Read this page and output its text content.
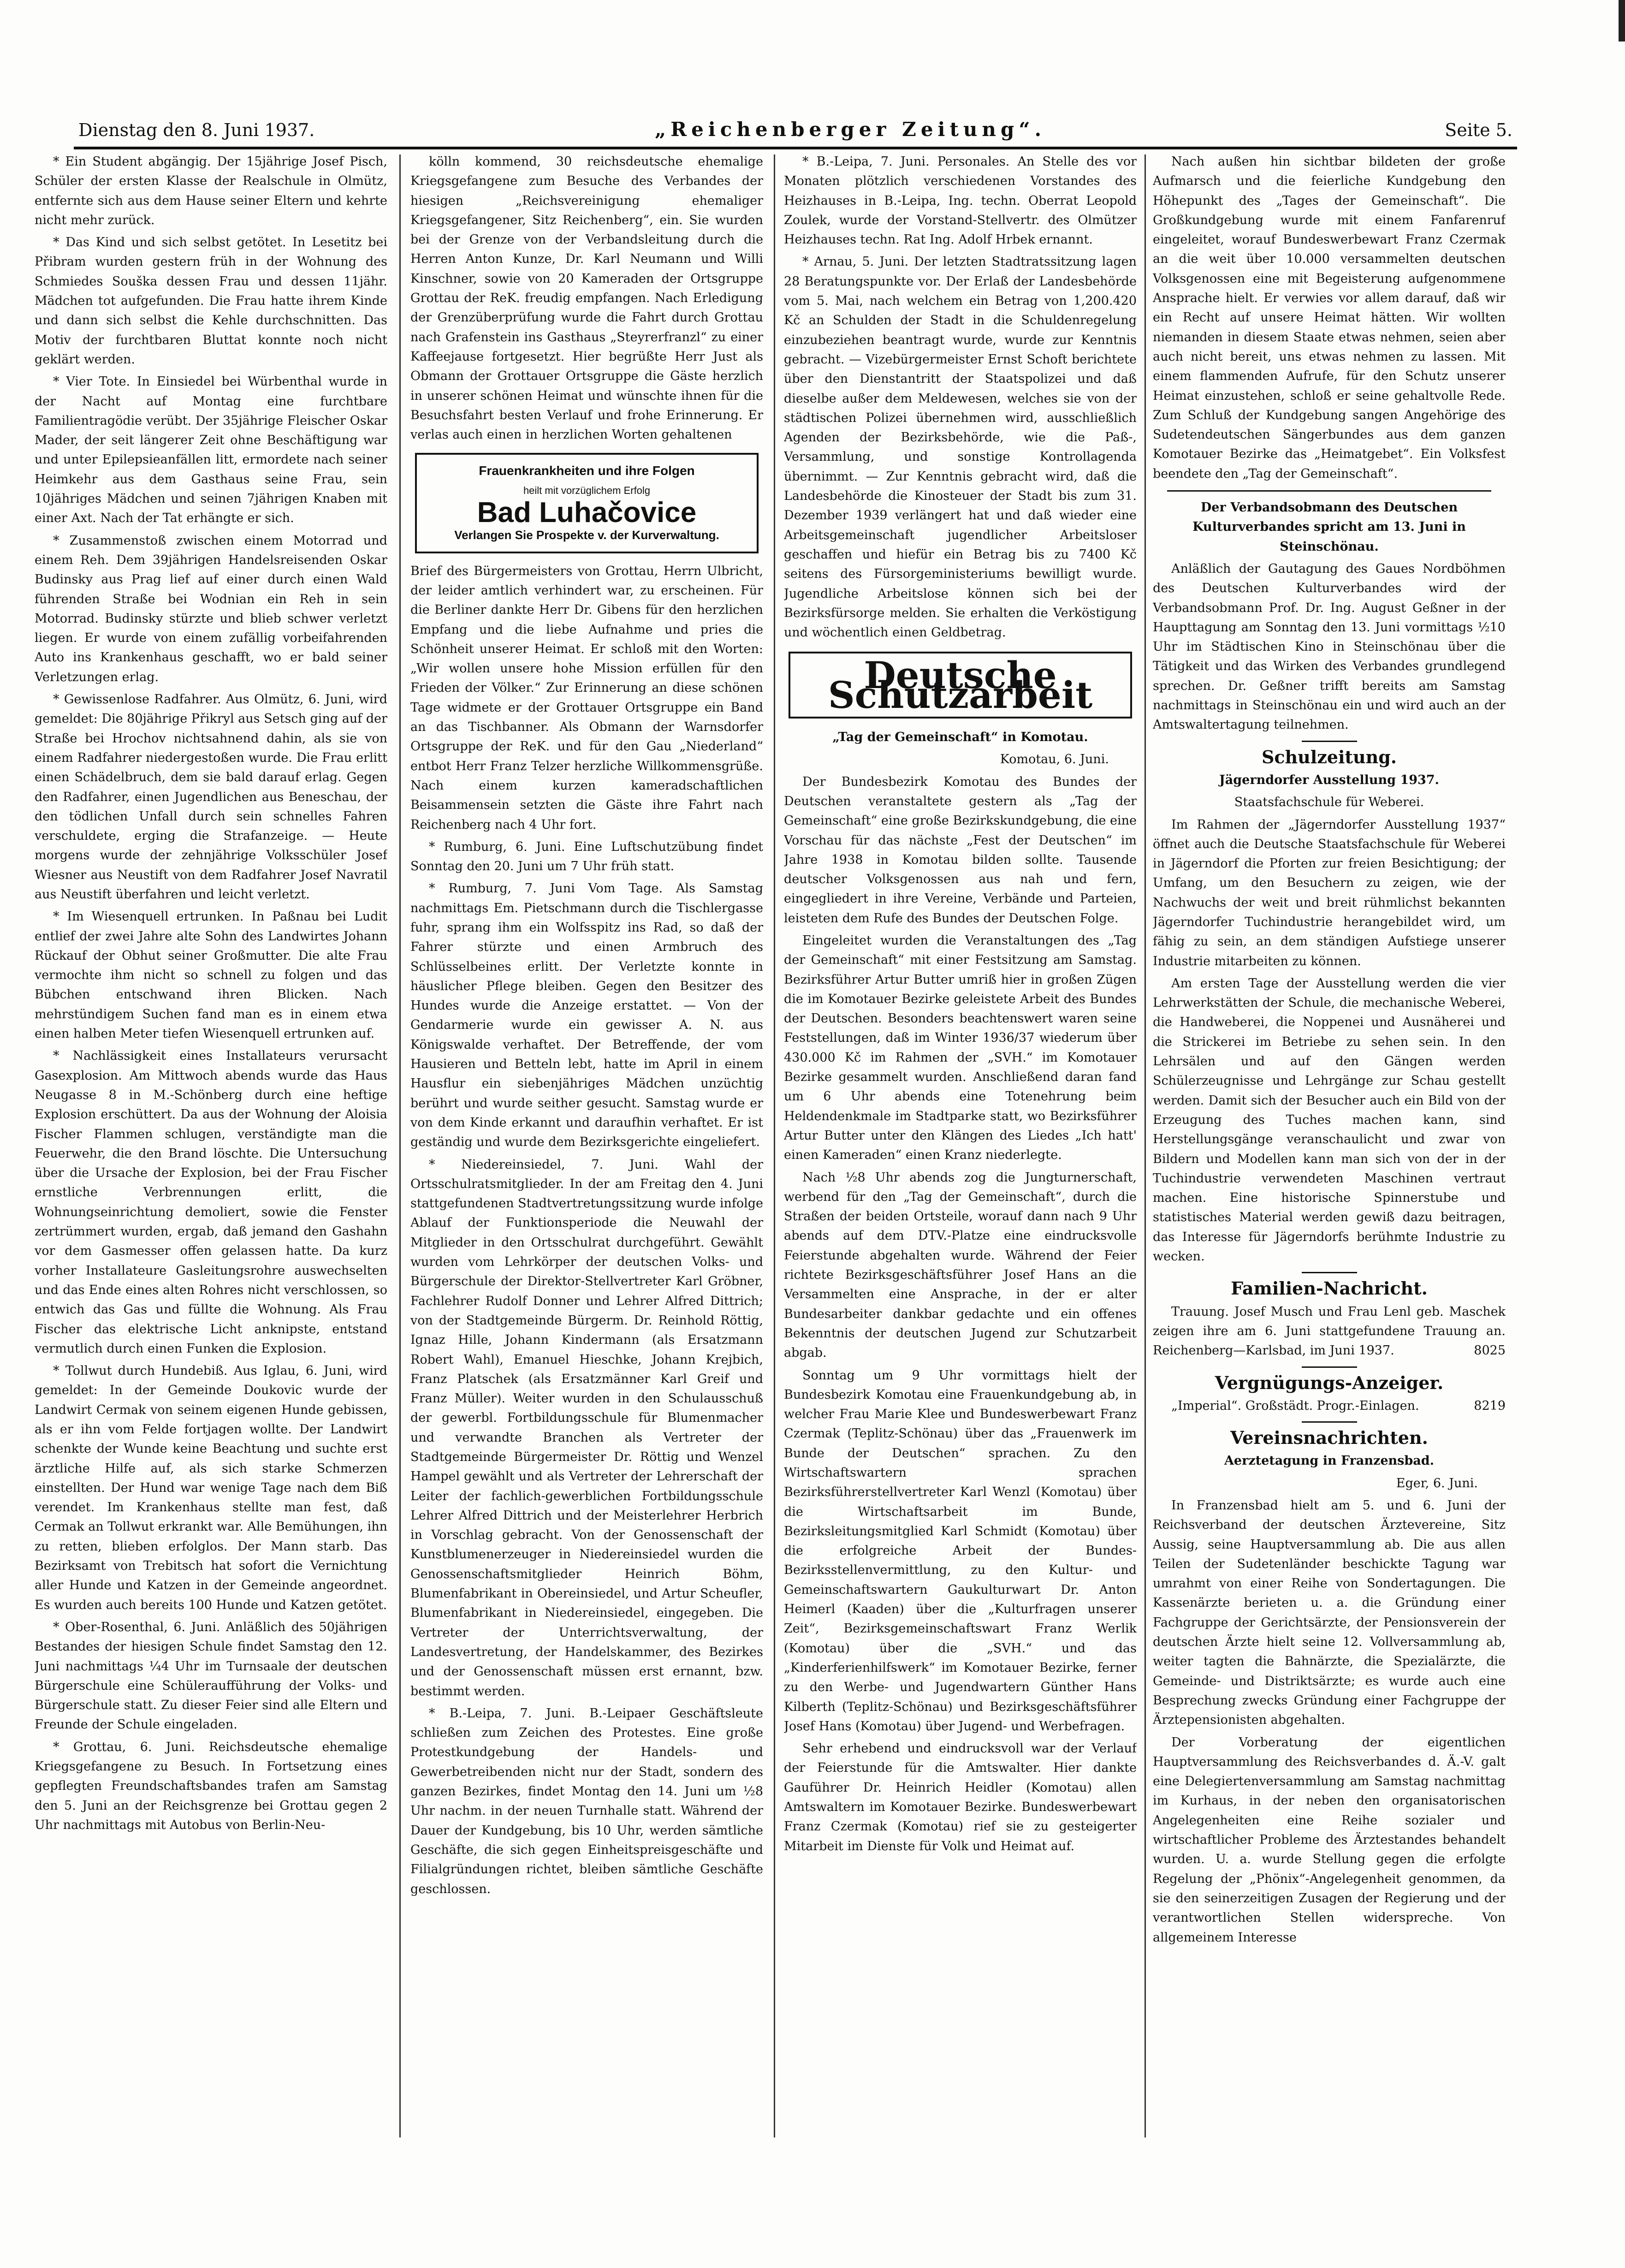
Dienstag den 8. Juni 1937.	„Reichenberger Zeitung“.	Seite 5.

* Ein Student abgängig. Der 15jährige Josef Pisch, Schüler der ersten Klasse der Realschule in Olmütz, entfernte sich aus dem Hause seiner Eltern und kehrte nicht mehr zurück.

* Das Kind und sich selbst getötet. In Lesetitz bei Přibram wurden gestern früh in der Wohnung des Schmiedes Souška dessen Frau und dessen 11jähr. Mädchen tot aufgefunden. Die Frau hatte ihrem Kinde und dann sich selbst die Kehle durchschnitten. Das Motiv der furchtbaren Bluttat konnte noch nicht geklärt werden.

* Vier Tote. In Einsiedel bei Würbenthal wurde in der Nacht auf Montag eine furchtbare Familientragödie verübt. Der 35jährige Fleischer Oskar Mader, der seit längerer Zeit ohne Beschäftigung war und unter Epilepsieanfällen litt, ermordete nach seiner Heimkehr aus dem Gasthaus seine Frau, sein 10jähriges Mädchen und seinen 7jährigen Knaben mit einer Axt. Nach der Tat erhängte er sich.

* Zusammenstoß zwischen einem Motorrad und einem Reh. Dem 39jährigen Handelsreisenden Oskar Budinsky aus Prag lief auf einer durch einen Wald führenden Straße bei Wodnian ein Reh in sein Motorrad. Budinsky stürzte und blieb schwer verletzt liegen. Er wurde von einem zufällig vorbeifahrenden Auto ins Krankenhaus geschafft, wo er bald seiner Verletzungen erlag.

* Gewissenlose Radfahrer. Aus Olmütz, 6. Juni, wird gemeldet: Die 80jährige Přikryl aus Setsch ging auf der Straße bei Hrochov nichtsahnend dahin, als sie von einem Radfahrer niedergestoßen wurde. Die Frau erlitt einen Schädelbruch, dem sie bald darauf erlag. Gegen den Radfahrer, einen Jugendlichen aus Beneschau, der den tödlichen Unfall durch sein schnelles Fahren verschuldete, erging die Strafanzeige. — Heute morgens wurde der zehnjährige Volksschüler Josef Wiesner aus Neustift von dem Radfahrer Josef Navratil aus Neustift überfahren und leicht verletzt.

* Im Wiesenquell ertrunken. In Paßnau bei Ludit entlief der zwei Jahre alte Sohn des Landwirtes Johann Rückauf der Obhut seiner Großmutter. Die alte Frau vermochte ihm nicht so schnell zu folgen und das Bübchen entschwand ihren Blicken. Nach mehrstündigem Suchen fand man es in einem etwa einen halben Meter tiefen Wiesenquell ertrunken auf.

* Nachlässigkeit eines Installateurs verursacht Gasexplosion. Am Mittwoch abends wurde das Haus Neugasse 8 in M.-Schönberg durch eine heftige Explosion erschüttert. Da aus der Wohnung der Aloisia Fischer Flammen schlugen, verständigte man die Feuerwehr, die den Brand löschte. Die Untersuchung über die Ursache der Explosion, bei der Frau Fischer ernstliche Verbrennungen erlitt, die Wohnungseinrichtung demoliert, sowie die Fenster zertrümmert wurden, ergab, daß jemand den Gashahn vor dem Gasmesser offen gelassen hatte. Da kurz vorher Installateure Gasleitungsrohre auswechselten und das Ende eines alten Rohres nicht verschlossen, so entwich das Gas und füllte die Wohnung. Als Frau Fischer das elektrische Licht anknipste, entstand vermutlich durch einen Funken die Explosion.

* Tollwut durch Hundebiß. Aus Iglau, 6. Juni, wird gemeldet: In der Gemeinde Doukovic wurde der Landwirt Cermak von seinem eigenen Hunde gebissen, als er ihn vom Felde fortjagen wollte. Der Landwirt schenkte der Wunde keine Beachtung und suchte erst ärztliche Hilfe auf, als sich starke Schmerzen einstellten. Der Hund war wenige Tage nach dem Biß verendet. Im Krankenhaus stellte man fest, daß Cermak an Tollwut erkrankt war. Alle Bemühungen, ihn zu retten, blieben erfolglos. Der Mann starb. Das Bezirksamt von Trebitsch hat sofort die Vernichtung aller Hunde und Katzen in der Gemeinde angeordnet. Es wurden auch bereits 100 Hunde und Katzen getötet.

* Ober-Rosenthal, 6. Juni. Anläßlich des 50jährigen Bestandes der hiesigen Schule findet Samstag den 12. Juni nachmittags ¼4 Uhr im Turnsaale der deutschen Bürgerschule eine Schüleraufführung der Volks- und Bürgerschule statt. Zu dieser Feier sind alle Eltern und Freunde der Schule eingeladen.

* Grottau, 6. Juni. Reichsdeutsche ehemalige Kriegsgefangene zu Besuch. In Fortsetzung eines gepflegten Freundschaftsbandes trafen am Samstag den 5. Juni an der Reichsgrenze bei Grottau gegen 2 Uhr nachmittags mit Autobus von Berlin-Neu-

kölln kommend, 30 reichsdeutsche ehemalige Kriegsgefangene zum Besuche des Verbandes der hiesigen „Reichsvereinigung ehemaliger Kriegsgefangener, Sitz Reichenberg“, ein. Sie wurden bei der Grenze von der Verbandsleitung durch die Herren Anton Kunze, Dr. Karl Neumann und Willi Kinschner, sowie von 20 Kameraden der Ortsgruppe Grottau der ReK. freudig empfangen. Nach Erledigung der Grenzüberprüfung wurde die Fahrt durch Grottau nach Grafenstein ins Gasthaus „Steyrerfranzl“ zu einer Kaffeejause fortgesetzt. Hier begrüßte Herr Just als Obmann der Grottauer Ortsgruppe die Gäste herzlich in unserer schönen Heimat und wünschte ihnen für die Besuchsfahrt besten Verlauf und frohe Erinnerung. Er verlas auch einen in herzlichen Worten gehaltenen

Frauenkrankheiten und ihre Folgen
heilt mit vorzüglichem Erfolg
Bad Luhačovice
Verlangen Sie Prospekte v. der Kurverwaltung.

Brief des Bürgermeisters von Grottau, Herrn Ulbricht, der leider amtlich verhindert war, zu erscheinen. Für die Berliner dankte Herr Dr. Gibens für den herzlichen Empfang und die liebe Aufnahme und pries die Schönheit unserer Heimat. Er schloß mit den Worten: „Wir wollen unsere hohe Mission erfüllen für den Frieden der Völker.“ Zur Erinnerung an diese schönen Tage widmete er der Grottauer Ortsgruppe ein Band an das Tischbanner. Als Obmann der Warnsdorfer Ortsgruppe der ReK. und für den Gau „Niederland“ entbot Herr Franz Telzer herzliche Willkommensgrüße. Nach einem kurzen kameradschaftlichen Beisammensein setzten die Gäste ihre Fahrt nach Reichenberg nach 4 Uhr fort.

* Rumburg, 6. Juni. Eine Luftschutzübung findet Sonntag den 20. Juni um 7 Uhr früh statt.

* Rumburg, 7. Juni Vom Tage. Als Samstag nachmittags Em. Pietschmann durch die Tischlergasse fuhr, sprang ihm ein Wolfsspitz ins Rad, so daß der Fahrer stürzte und einen Armbruch des Schlüsselbeines erlitt. Der Verletzte konnte in häuslicher Pflege bleiben. Gegen den Besitzer des Hundes wurde die Anzeige erstattet. — Von der Gendarmerie wurde ein gewisser A. N. aus Königswalde verhaftet. Der Betreffende, der vom Hausieren und Betteln lebt, hatte im April in einem Hausflur ein siebenjähriges Mädchen unzüchtig berührt und wurde seither gesucht. Samstag wurde er von dem Kinde erkannt und daraufhin verhaftet. Er ist geständig und wurde dem Bezirksgerichte eingeliefert.

* Niedereinsiedel, 7. Juni. Wahl der Ortsschulratsmitglieder. In der am Freitag den 4. Juni stattgefundenen Stadtvertretungssitzung wurde infolge Ablauf der Funktionsperiode die Neuwahl der Mitglieder in den Ortsschulrat durchgeführt. Gewählt wurden vom Lehrkörper der deutschen Volks- und Bürgerschule der Direktor-Stellvertreter Karl Gröbner, Fachlehrer Rudolf Donner und Lehrer Alfred Dittrich; von der Stadtgemeinde Bürgerm. Dr. Reinhold Röttig, Ignaz Hille, Johann Kindermann (als Ersatzmann Robert Wahl), Emanuel Hieschke, Johann Krejbich, Franz Platschek (als Ersatzmänner Karl Greif und Franz Müller). Weiter wurden in den Schulausschuß der gewerbl. Fortbildungsschule für Blumenmacher und verwandte Branchen als Vertreter der Stadtgemeinde Bürgermeister Dr. Röttig und Wenzel Hampel gewählt und als Vertreter der Lehrerschaft der Leiter der fachlich-gewerblichen Fortbildungsschule Lehrer Alfred Dittrich und der Meisterlehrer Herbrich in Vorschlag gebracht. Von der Genossenschaft der Kunstblumenerzeuger in Niedereinsiedel wurden die Genossenschaftsmitglieder Heinrich Böhm, Blumenfabrikant in Obereinsiedel, und Artur Scheufler, Blumenfabrikant in Niedereinsiedel, eingegeben. Die Vertreter der Unterrichtsverwaltung, der Landesvertretung, der Handelskammer, des Bezirkes und der Genossenschaft müssen erst ernannt, bzw. bestimmt werden.

* B.-Leipa, 7. Juni. B.-Leipaer Geschäftsleute schließen zum Zeichen des Protestes. Eine große Protestkundgebung der Handels- und Gewerbetreibenden nicht nur der Stadt, sondern des ganzen Bezirkes, findet Montag den 14. Juni um ½8 Uhr nachm. in der neuen Turnhalle statt. Während der Dauer der Kundgebung, bis 10 Uhr, werden sämtliche Geschäfte, die sich gegen Einheitspreisgeschäfte und Filialgründungen richtet, bleiben sämtliche Geschäfte geschlossen.

* B.-Leipa, 7. Juni. Personales. An Stelle des vor Monaten plötzlich verschiedenen Vorstandes des Heizhauses in B.-Leipa, Ing. techn. Oberrat Leopold Zoulek, wurde der Vorstand-Stellvertr. des Olmützer Heizhauses techn. Rat Ing. Adolf Hrbek ernannt.

* Arnau, 5. Juni. Der letzten Stadtratssitzung lagen 28 Beratungspunkte vor. Der Erlaß der Landesbehörde vom 5. Mai, nach welchem ein Betrag von 1,200.420 Kč an Schulden der Stadt in die Schuldenregelung einzubeziehen beantragt wurde, wurde zur Kenntnis gebracht. — Vizebürgermeister Ernst Schoft berichtete über den Dienstantritt der Staatspolizei und daß dieselbe außer dem Meldewesen, welches sie von der städtischen Polizei übernehmen wird, ausschließlich Agenden der Bezirksbehörde, wie die Paß-, Versammlung, und sonstige Kontrollagenda übernimmt. — Zur Kenntnis gebracht wird, daß die Landesbehörde die Kinosteuer der Stadt bis zum 31. Dezember 1939 verlängert hat und daß wieder eine Arbeitsgemeinschaft jugendlicher Arbeitsloser geschaffen und hiefür ein Betrag bis zu 7400 Kč seitens des Fürsorgeministeriums bewilligt wurde. Jugendliche Arbeitslose können sich bei der Bezirksfürsorge melden. Sie erhalten die Verköstigung und wöchentlich einen Geldbetrag.

Deutsche Schutzarbeit

„Tag der Gemeinschaft“ in Komotau.

Komotau, 6. Juni.

Der Bundesbezirk Komotau des Bundes der Deutschen veranstaltete gestern als „Tag der Gemeinschaft“ eine große Bezirkskundgebung, die eine Vorschau für das nächste „Fest der Deutschen“ im Jahre 1938 in Komotau bilden sollte. Tausende deutscher Volksgenossen aus nah und fern, eingegliedert in ihre Vereine, Verbände und Parteien, leisteten dem Rufe des Bundes der Deutschen Folge.

Eingeleitet wurden die Veranstaltungen des „Tag der Gemeinschaft“ mit einer Festsitzung am Samstag. Bezirksführer Artur Butter umriß hier in großen Zügen die im Komotauer Bezirke geleistete Arbeit des Bundes der Deutschen. Besonders beachtenswert waren seine Feststellungen, daß im Winter 1936/37 wiederum über 430.000 Kč im Rahmen der „SVH.“ im Komotauer Bezirke gesammelt wurden. Anschließend daran fand um 6 Uhr abends eine Totenehrung beim Heldendenkmale im Stadtparke statt, wo Bezirksführer Artur Butter unter den Klängen des Liedes „Ich hatt' einen Kameraden“ einen Kranz niederlegte.

Nach ½8 Uhr abends zog die Jungturnerschaft, werbend für den „Tag der Gemeinschaft“, durch die Straßen der beiden Ortsteile, worauf dann nach 9 Uhr abends auf dem DTV.-Platze eine eindrucksvolle Feierstunde abgehalten wurde. Während der Feier richtete Bezirksgeschäftsführer Josef Hans an die Versammelten eine Ansprache, in der er alter Bundesarbeiter dankbar gedachte und ein offenes Bekenntnis der deutschen Jugend zur Schutzarbeit abgab.

Sonntag um 9 Uhr vormittags hielt der Bundesbezirk Komotau eine Frauenkundgebung ab, in welcher Frau Marie Klee und Bundeswerbewart Franz Czermak (Teplitz-Schönau) über das „Frauenwerk im Bunde der Deutschen“ sprachen. Zu den Wirtschaftswartern sprachen Bezirksführerstellvertreter Karl Wenzl (Komotau) über die Wirtschaftsarbeit im Bunde, Bezirksleitungsmitglied Karl Schmidt (Komotau) über die erfolgreiche Arbeit der Bundes-Bezirksstellenvermittlung, zu den Kultur- und Gemeinschaftswartern Gaukulturwart Dr. Anton Heimerl (Kaaden) über die „Kulturfragen unserer Zeit“, Bezirksgemeinschaftswart Franz Werlik (Komotau) über die „SVH.“ und das „Kinderferienhilfswerk“ im Komotauer Bezirke, ferner zu den Werbe- und Jugendwartern Günther Hans Kilberth (Teplitz-Schönau) und Bezirksgeschäftsführer Josef Hans (Komotau) über Jugend- und Werbefragen.

Sehr erhebend und eindrucksvoll war der Verlauf der Feierstunde für die Amtswalter. Hier dankte Gauführer Dr. Heinrich Heidler (Komotau) allen Amtswaltern im Komotauer Bezirke. Bundeswerbewart Franz Czermak (Komotau) rief sie zu gesteigerter Mitarbeit im Dienste für Volk und Heimat auf.

Nach außen hin sichtbar bildeten der große Aufmarsch und die feierliche Kundgebung den Höhepunkt des „Tages der Gemeinschaft“. Die Großkundgebung wurde mit einem Fanfarenruf eingeleitet, worauf Bundeswerbewart Franz Czermak an die weit über 10.000 versammelten deutschen Volksgenossen eine mit Begeisterung aufgenommene Ansprache hielt. Er verwies vor allem darauf, daß wir ein Recht auf unsere Heimat hätten. Wir wollten niemanden in diesem Staate etwas nehmen, seien aber auch nicht bereit, uns etwas nehmen zu lassen. Mit einem flammenden Aufrufe, für den Schutz unserer Heimat einzustehen, schloß er seine gehaltvolle Rede. Zum Schluß der Kundgebung sangen Angehörige des Sudetendeutschen Sängerbundes aus dem ganzen Komotauer Bezirke das „Heimatgebet“. Ein Volksfest beendete den „Tag der Gemeinschaft“.

Der Verbandsobmann des Deutschen Kulturverbandes spricht am 13. Juni in Steinschönau.

Anläßlich der Gautagung des Gaues Nordböhmen des Deutschen Kulturverbandes wird der Verbandsobmann Prof. Dr. Ing. August Geßner in der Haupttagung am Sonntag den 13. Juni vormittags ½10 Uhr im Städtischen Kino in Steinschönau über die Tätigkeit und das Wirken des Verbandes grundlegend sprechen. Dr. Geßner trifft bereits am Samstag nachmittags in Steinschönau ein und wird auch an der Amtswaltertagung teilnehmen.

Schulzeitung.

Jägerndorfer Ausstellung 1937.

Staatsfachschule für Weberei.

Im Rahmen der „Jägerndorfer Ausstellung 1937“ öffnet auch die Deutsche Staatsfachschule für Weberei in Jägerndorf die Pforten zur freien Besichtigung; der Umfang, um den Besuchern zu zeigen, wie der Nachwuchs der weit und breit rühmlichst bekannten Jägerndorfer Tuchindustrie herangebildet wird, um fähig zu sein, an dem ständigen Aufstiege unserer Industrie mitarbeiten zu können.

Am ersten Tage der Ausstellung werden die vier Lehrwerkstätten der Schule, die mechanische Weberei, die Handweberei, die Noppenei und Ausnäherei und die Strickerei im Betriebe zu sehen sein. In den Lehrsälen und auf den Gängen werden Schülerzeugnisse und Lehrgänge zur Schau gestellt werden. Damit sich der Besucher auch ein Bild von der Erzeugung des Tuches machen kann, sind Herstellungsgänge veranschaulicht und zwar von Bildern und Modellen kann man sich von der in der Tuchindustrie verwendeten Maschinen vertraut machen. Eine historische Spinnerstube und statistisches Material werden gewiß dazu beitragen, das Interesse für Jägerndorfs berühmte Industrie zu wecken.

Familien-Nachricht.

Trauung. Josef Musch und Frau Lenl geb. Maschek zeigen ihre am 6. Juni stattgefundene Trauung an. Reichenberg—Karlsbad, im Juni 1937.	8025

Vergnügungs-Anzeiger.

„Imperial“. Großstädt. Progr.-Einlagen.	8219

Vereinsnachrichten.

Aerztetagung in Franzensbad.

Eger, 6. Juni.

In Franzensbad hielt am 5. und 6. Juni der Reichsverband der deutschen Ärztevereine, Sitz Aussig, seine Hauptversammlung ab. Die aus allen Teilen der Sudetenländer beschickte Tagung war umrahmt von einer Reihe von Sondertagungen. Die Kassenärzte berieten u. a. die Gründung einer Fachgruppe der Gerichtsärzte, der Pensionsverein der deutschen Ärzte hielt seine 12. Vollversammlung ab, weiter tagten die Bahnärzte, die Spezialärzte, die Gemeinde- und Distriktsärzte; es wurde auch eine Besprechung zwecks Gründung einer Fachgruppe der Ärztepensionisten abgehalten.

Der Vorberatung der eigentlichen Hauptversammlung des Reichsverbandes d. Ä.-V. galt eine Delegiertenversammlung am Samstag nachmittag im Kurhaus, in der neben den organisatorischen Angelegenheiten eine Reihe sozialer und wirtschaftlicher Probleme des Ärztestandes behandelt wurden. U. a. wurde Stellung gegen die erfolgte Regelung der „Phönix“-Angelegenheit genommen, da sie den seinerzeitigen Zusagen der Regierung und der verantwortlichen Stellen widerspreche. Von allgemeinem Interesse
